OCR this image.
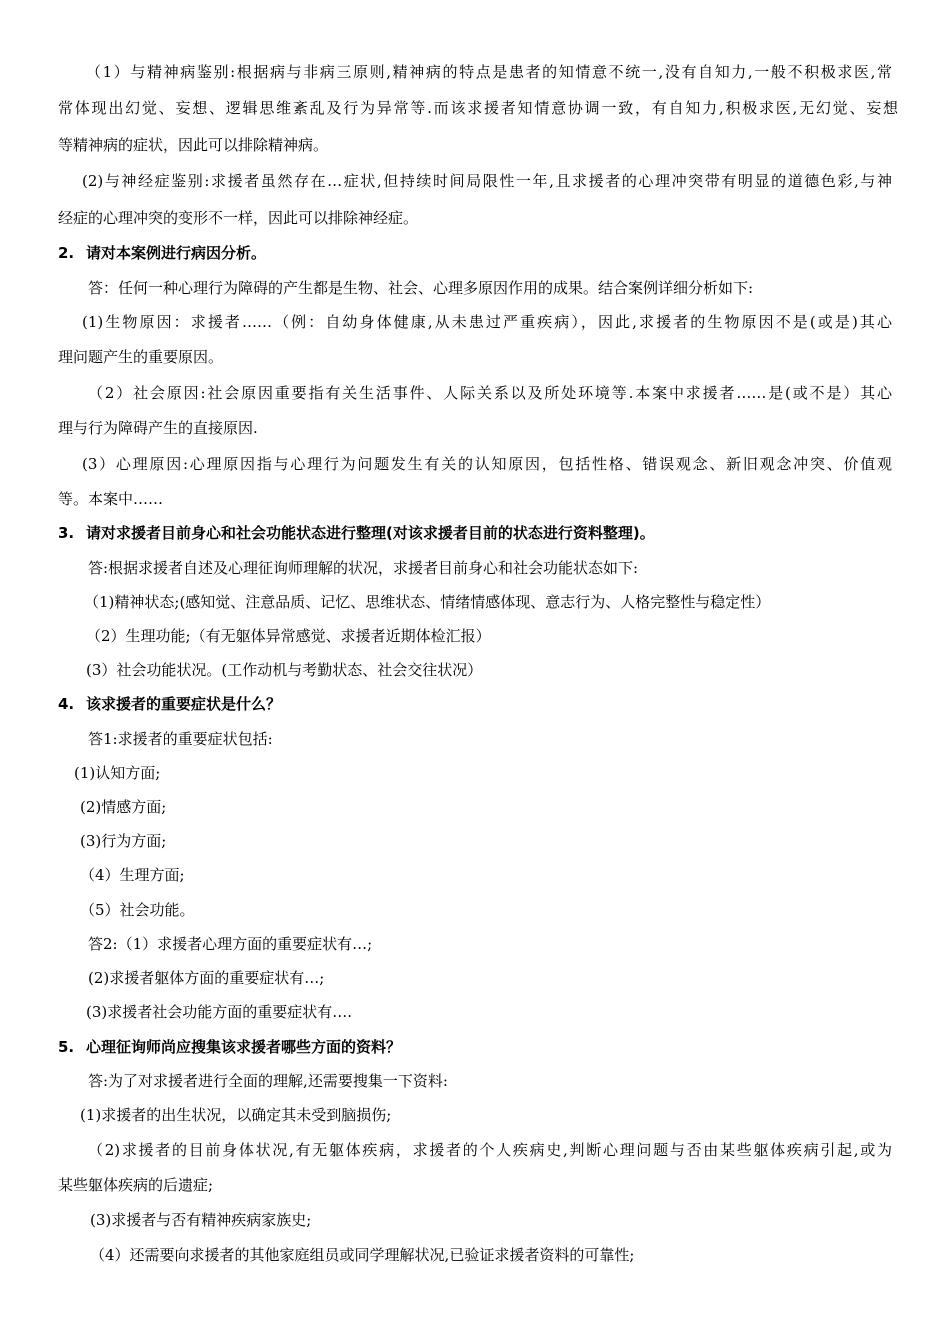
（1）与精神病鉴别:根据病与非病三原则,精神病的特点是患者的知情意不统一,没有自知力,一般不积极求医,常
常体现出幻觉、妄想、逻辑思维紊乱及行为异常等.而该求援者知情意协调一致，有自知力,积极求医,无幻觉、妄想
等精神病的症状，因此可以排除精神病。
(2)与神经症鉴别:求援者虽然存在…症状,但持续时间局限性一年,且求援者的心理冲突带有明显的道德色彩,与神
经症的心理冲突的变形不一样，因此可以排除神经症。
2. 请对本案例进行病因分析。
答：任何一种心理行为障碍的产生都是生物、社会、心理多原因作用的成果。结合案例详细分析如下:
(1)生物原因：求援者……（例：自幼身体健康,从未患过严重疾病），因此,求援者的生物原因不是(或是)其心
理问题产生的重要原因。
（2）社会原因:社会原因重要指有关生活事件、人际关系以及所处环境等.本案中求援者……是(或不是）其心
理与行为障碍产生的直接原因.
(3）心理原因:心理原因指与心理行为问题发生有关的认知原因，包括性格、错误观念、新旧观念冲突、价值观
等。本案中……
3. 请对求援者目前身心和社会功能状态进行整理(对该求援者目前的状态进行资料整理)。
答:根据求援者自述及心理征询师理解的状况，求援者目前身心和社会功能状态如下:
（1)精神状态;(感知觉、注意品质、记忆、思维状态、情绪情感体现、意志行为、人格完整性与稳定性）
（2）生理功能;（有无躯体异常感觉、求援者近期体检汇报）
(3）社会功能状况。(工作动机与考勤状态、社会交往状况）
4. 该求援者的重要症状是什么？
答1:求援者的重要症状包括:
(1)认知方面;
(2)情感方面;
(3)行为方面;
（4）生理方面;
（5）社会功能。
答2:（1）求援者心理方面的重要症状有…;
(2)求援者躯体方面的重要症状有…;
(3)求援者社会功能方面的重要症状有….
5. 心理征询师尚应搜集该求援者哪些方面的资料？
答:为了对求援者进行全面的理解,还需要搜集一下资料:
(1)求援者的出生状况，以确定其未受到脑损伤;
（2)求援者的目前身体状况,有无躯体疾病，求援者的个人疾病史,判断心理问题与否由某些躯体疾病引起,或为
某些躯体疾病的后遗症;
(3)求援者与否有精神疾病家族史;
（4）还需要向求援者的其他家庭组员或同学理解状况,已验证求援者资料的可靠性;
